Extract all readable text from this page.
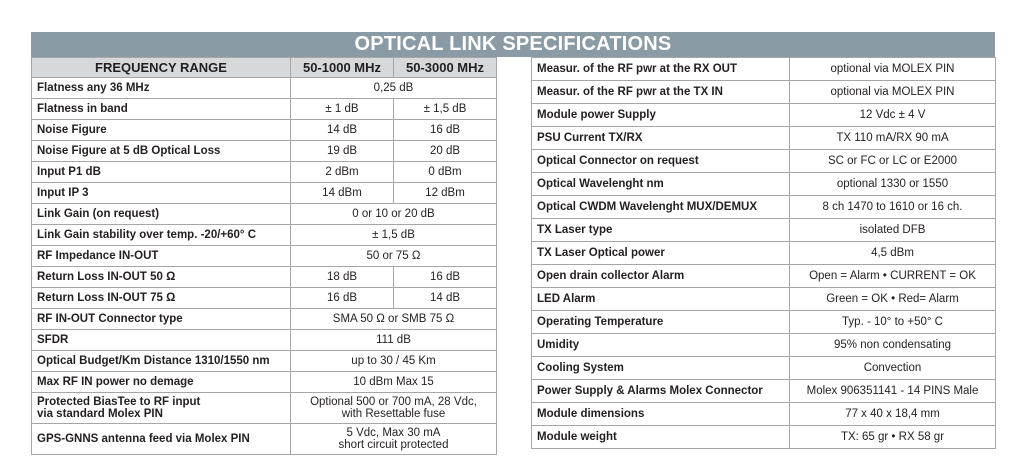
OPTICAL LINK SPECIFICATIONS
FREQUENCY RANGE	50-1000 MHz	50-3000 MHz
Flatness any 36 MHz	0,25 dB	
Flatness in band	± 1 dB	± 1,5 dB
Noise Figure	14 dB	16 dB
Noise Figure at 5 dB Optical Loss	19 dB	20 dB
Input P1 dB	2 dBm	0 dBm
Input IP 3	14 dBm	12 dBm
Link Gain (on request)	0 or 10 or 20 dB	
Link Gain stability over temp. -20/+60° C	± 1,5 dB	
RF Impedance IN-OUT	50 or 75 Ω	
Return Loss IN-OUT 50 Ω	18 dB	16 dB
Return Loss IN-OUT 75 Ω	16 dB	14 dB
RF IN-OUT Connector type	SMA 50 Ω or SMB 75 Ω	
SFDR	111 dB	
Optical Budget/Km Distance 1310/1550 nm	up to 30 / 45 Km	
Max RF IN power no demage	10 dBm Max 15	
Protected BiasTee to RF input
via standard Molex PIN	Optional 500 or 700 mA, 28 Vdc,
with Resettable fuse	
GPS-GNNS antenna feed via Molex PIN	5 Vdc, Max 30 mA
short circuit protected	
Measur. of the RF pwr at the RX OUT	optional via MOLEX PIN
Measur. of the RF pwr at the TX IN	optional via MOLEX PIN
Module power Supply	12 Vdc ± 4 V
PSU Current TX/RX	TX 110 mA/RX 90 mA
Optical Connector on request	SC or FC or LC or E2000
Optical Wavelenght nm	optional 1330 or 1550
Optical CWDM Wavelenght MUX/DEMUX	8 ch 1470 to 1610 or 16 ch.
TX Laser type	isolated DFB
TX Laser Optical power	4,5 dBm
Open drain collector Alarm	Open = Alarm • CURRENT = OK
LED Alarm	Green = OK • Red= Alarm
Operating Temperature	Typ. - 10° to +50° C
Umidity	95% non condensating
Cooling System	Convection
Power Supply & Alarms Molex Connector	Molex 906351141 - 14 PINS Male
Module dimensions	77 x 40 x 18,4 mm
Module weight	TX: 65 gr • RX 58 gr
